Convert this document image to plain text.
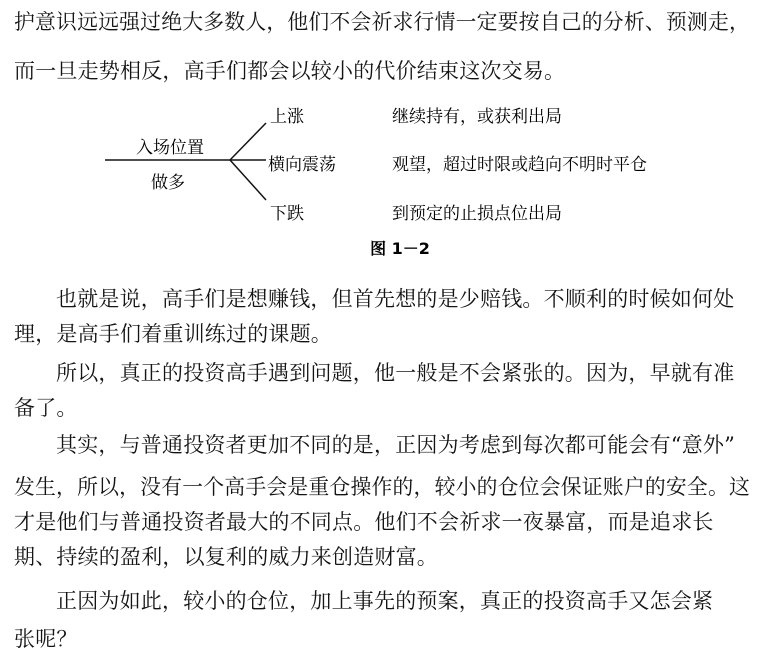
护意识远远强过绝大多数人，他们不会祈求行情一定要按自己的分析、预测走，
而一旦走势相反，高手们都会以较小的代价结束这次交易。
入场位置
做多
上涨
横向震荡
下跌
继续持有，或获利出局
观望，超过时限或趋向不明时平仓
到预定的止损点位出局
图 1－2
也就是说，高手们是想赚钱，但首先想的是少赔钱。不顺利的时候如何处
理，是高手们着重训练过的课题。
所以，真正的投资高手遇到问题，他一般是不会紧张的。因为，早就有准
备了。
其实，与普通投资者更加不同的是，正因为考虑到每次都可能会有“意外”
发生，所以，没有一个高手会是重仓操作的，较小的仓位会保证账户的安全。这
才是他们与普通投资者最大的不同点。他们不会祈求一夜暴富，而是追求长
期、持续的盈利，以复利的威力来创造财富。
正因为如此，较小的仓位，加上事先的预案，真正的投资高手又怎会紧
张呢？
